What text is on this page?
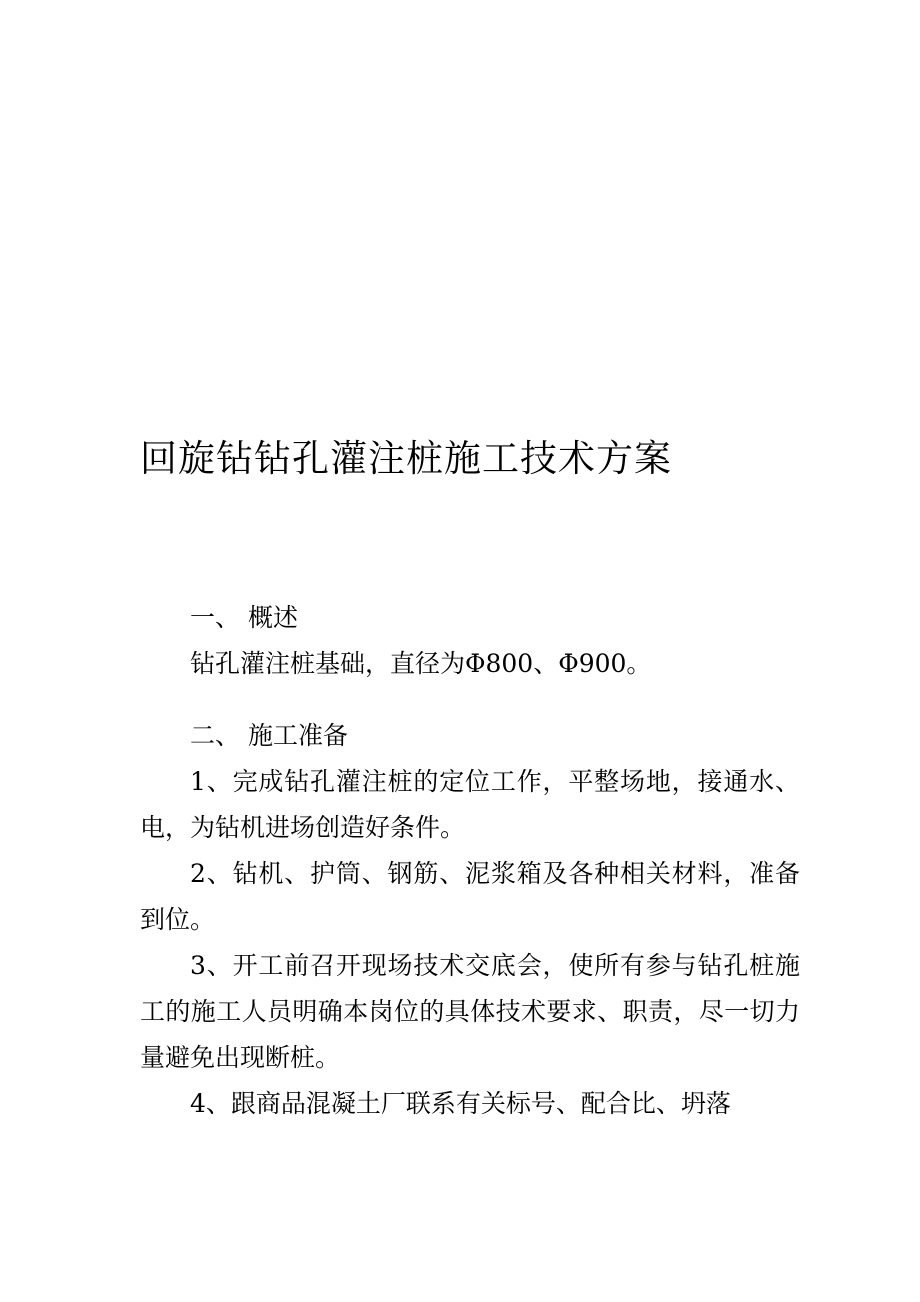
回旋钻钻孔灌注桩施工技术方案

一、 概述

钻孔灌注桩基础，直径为Φ800、Φ900。

二、 施工准备

1、完成钻孔灌注桩的定位工作，平整场地，接通水、电，为钻机进场创造好条件。

2、钻机、护筒、钢筋、泥浆箱及各种相关材料，准备到位。

3、开工前召开现场技术交底会，使所有参与钻孔桩施工的施工人员明确本岗位的具体技术要求、职责，尽一切力量避免出现断桩。

4、跟商品混凝土厂联系有关标号、配合比、坍落
